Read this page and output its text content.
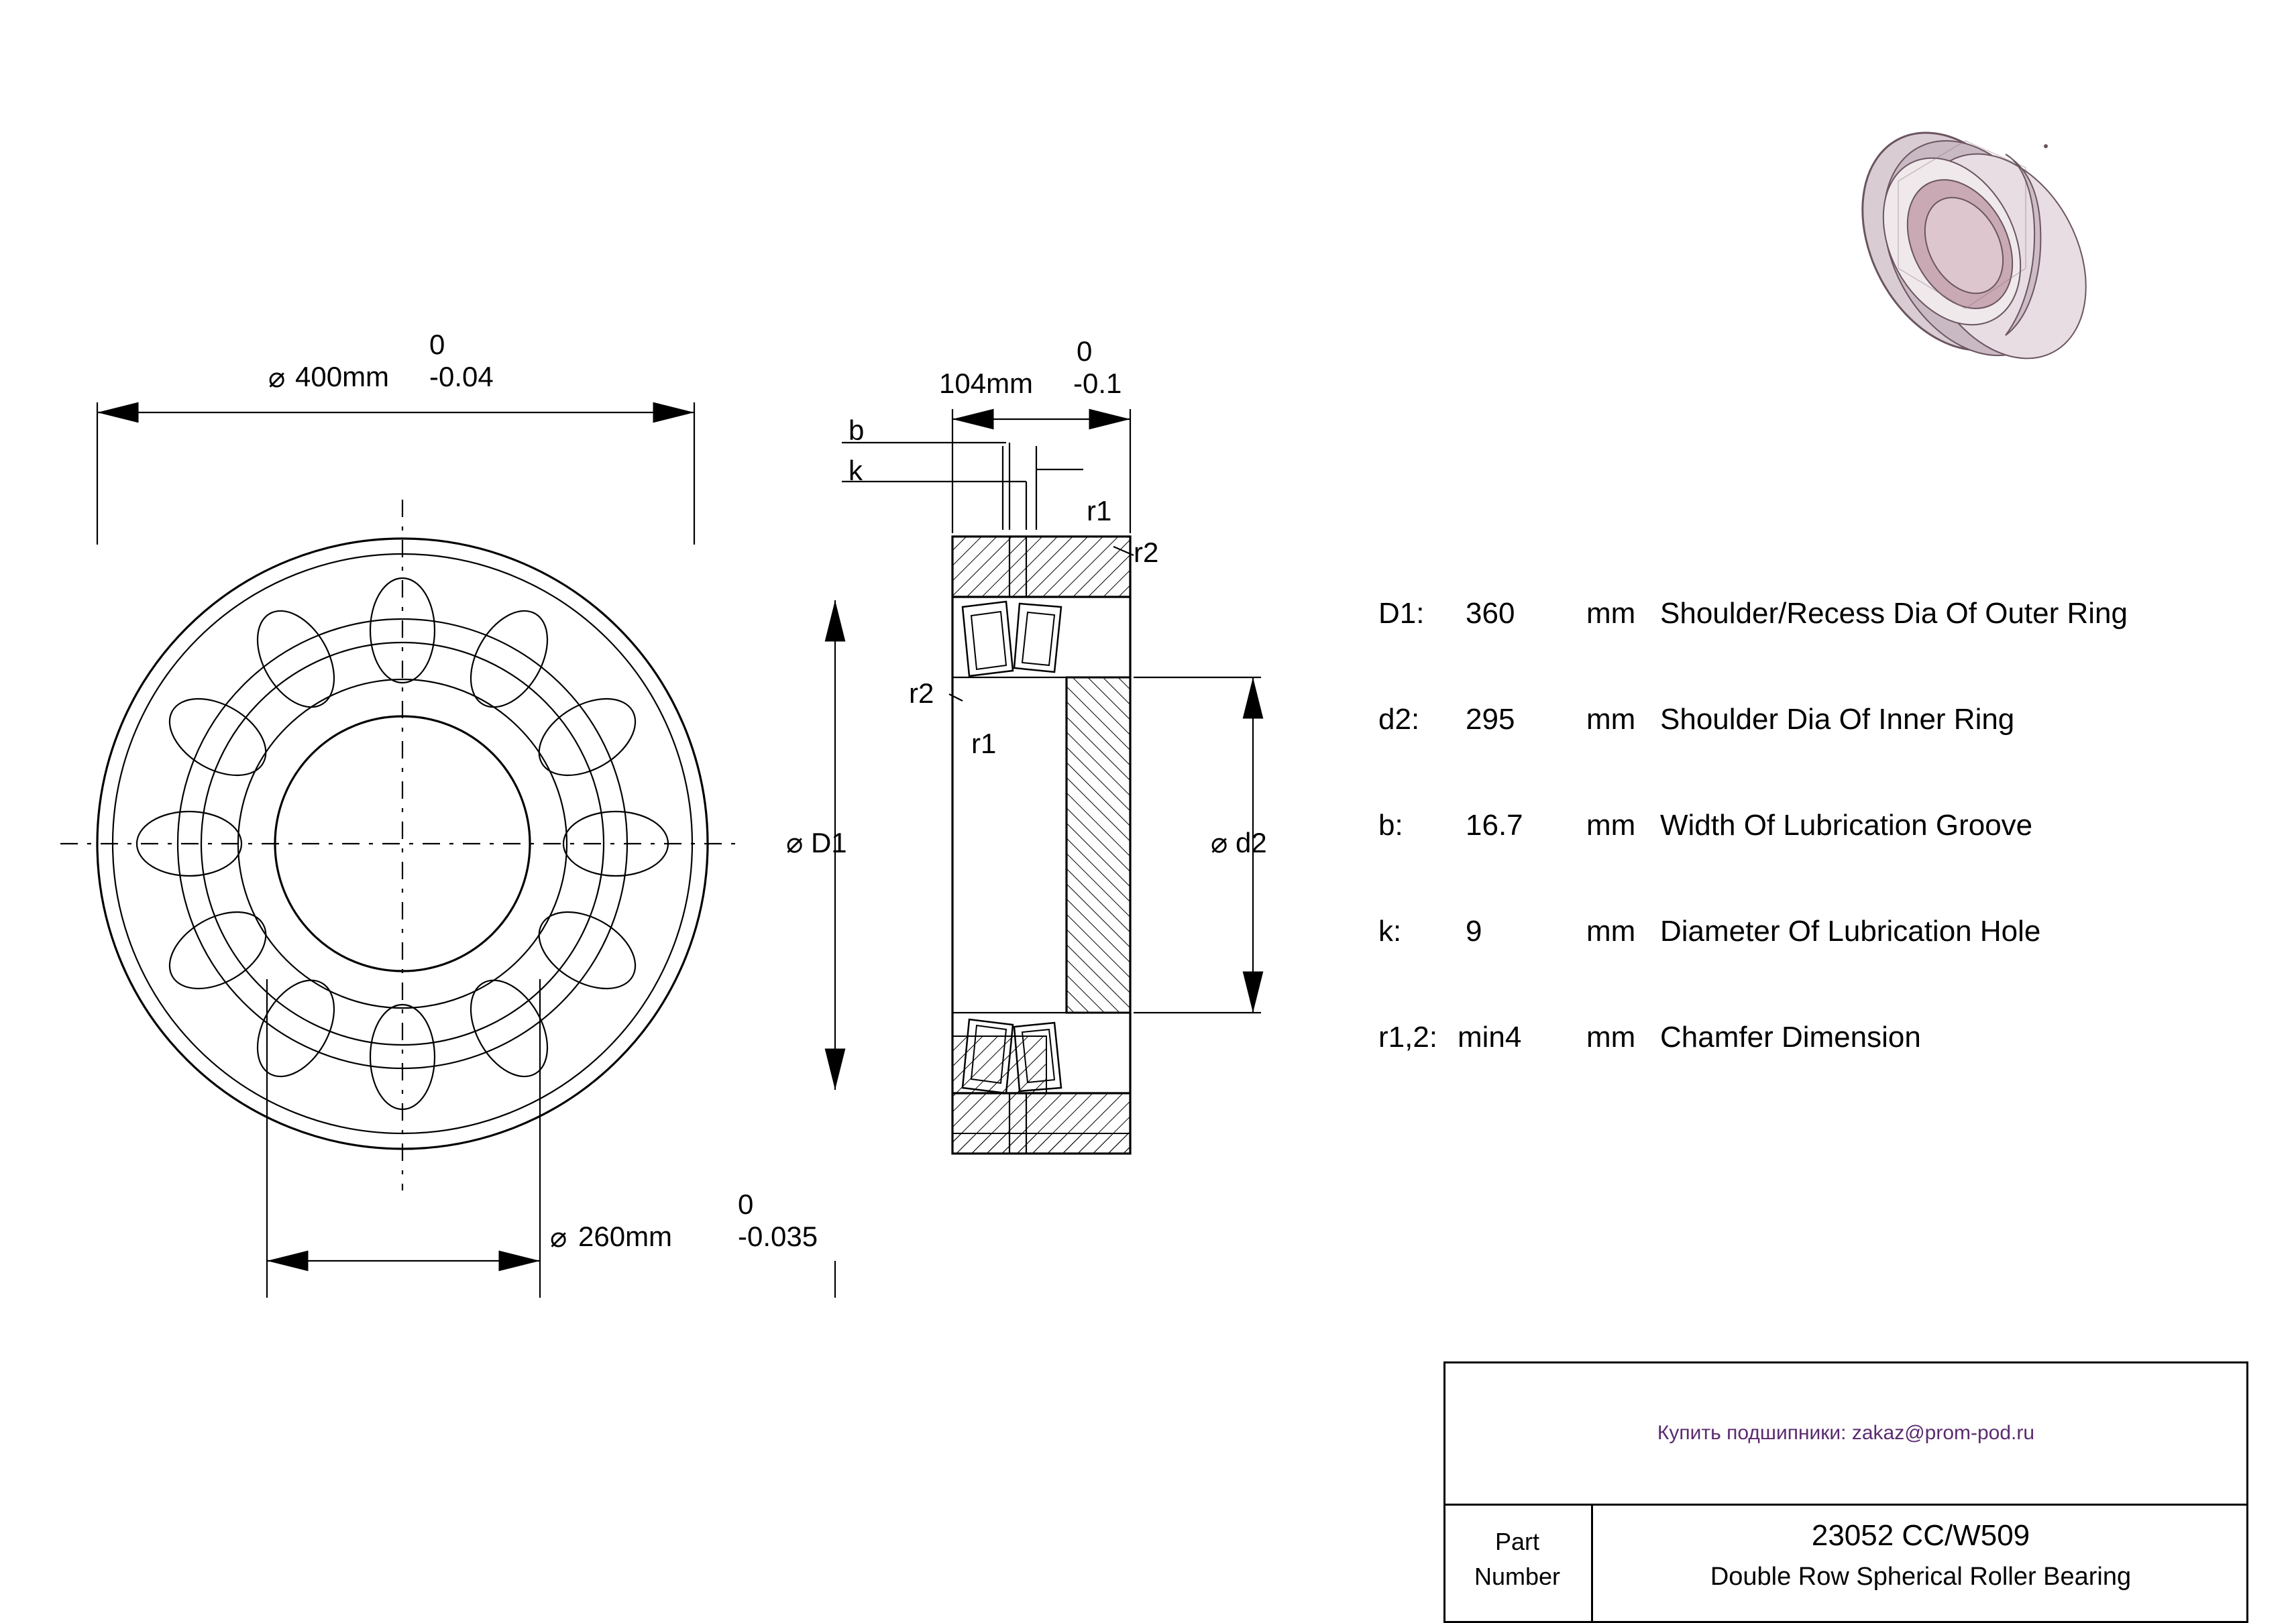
0
⌀ 400mm -0.04
0
⌀ 260mm -0.035
0
104mm -0.1
b
k
r1
r2
r2
r1
⌀ D1	⌀ d2
D1: 360 mm Shoulder/Recess Dia Of Outer Ring
d2: 295 mm Shoulder Dia Of Inner Ring
b: 16.7 mm Width Of Lubrication Groove
k: 9	mm Diameter Of Lubrication Hole
r1,2: min4 mm Chamfer Dimension
Купить подшипники: zakaz@prom-pod.ru
Part
Number
23052 CC/W509
Double Row Spherical Roller Bearing
